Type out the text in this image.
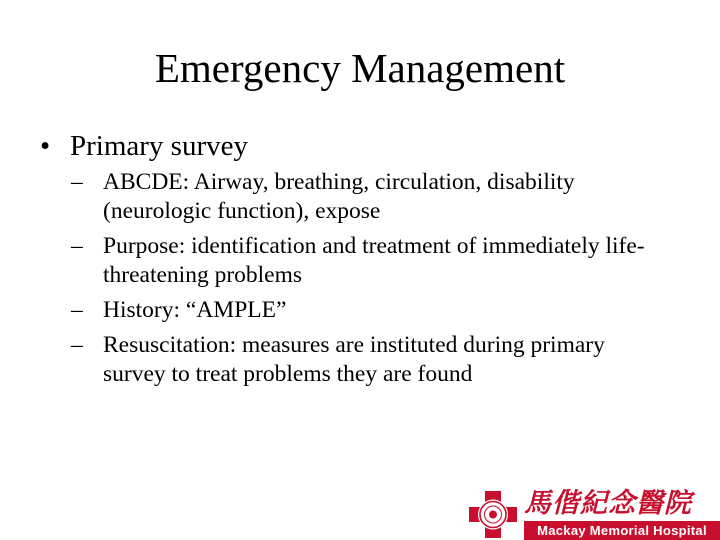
Emergency Management
• Primary survey
– ABCDE: Airway, breathing, circulation, disability (neurologic function), expose
– Purpose: identification and treatment of immediately life-threatening problems
– History: “AMPLE”
– Resuscitation: measures are instituted during primary survey to treat problems they are found
馬偕紀念醫院
Mackay Memorial Hospital
